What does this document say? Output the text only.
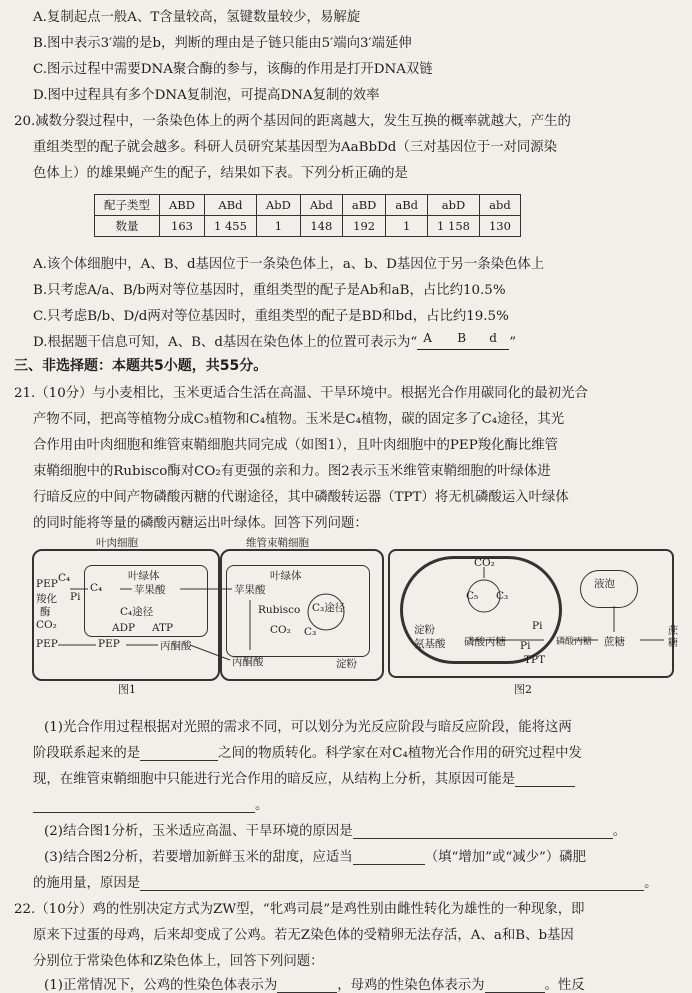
A.复制起点一般A、T含量较高，氢键数量较少，易解旋
B.图中表示3′端的是b，判断的理由是子链只能由5′端向3′端延伸
C.图示过程中需要DNA聚合酶的参与，该酶的作用是打开DNA双链
D.图中过程具有多个DNA复制泡，可提高DNA复制的效率
20.减数分裂过程中，一条染色体上的两个基因间的距离越大，发生互换的概率就越大，产生的
重组类型的配子就会越多。科研人员研究某基因型为AaBbDd（三对基因位于一对同源染
色体上）的雄果蝇产生的配子，结果如下表。下列分析正确的是
配子类型	ABD	ABd	AbD	Abd	aBD	aBd	abD	abd
数量	163	1 455	1	148	192	1	1 158	130
A.该个体细胞中，A、B、d基因位于一条染色体上，a、b、D基因位于另一条染色体上
B.只考虑A/a、B/b两对等位基因时，重组类型的配子是Ab和aB，占比约10.5%
C.只考虑B/b、D/d两对等位基因时，重组类型的配子是BD和bd，占比约19.5%
D.根据题干信息可知，A、B、d基因在染色体上的位置可表示为“ A B d ”
三、非选择题：本题共5小题，共55分。
21.（10分）与小麦相比，玉米更适合生活在高温、干旱环境中。根据光合作用碳同化的最初光合
产物不同，把高等植物分成C₃植物和C₄植物。玉米是C₄植物，碳的固定多了C₄途径，其光
合作用由叶肉细胞和维管束鞘细胞共同完成（如图1），且叶肉细胞中的PEP羧化酶比维管
束鞘细胞中的Rubisco酶对CO₂有更强的亲和力。图2表示玉米维管束鞘细胞的叶绿体进
行暗反应的中间产物磷酸丙糖的代谢途径，其中磷酸转运器（TPT）将无机磷酸运入叶绿体
的同时能将等量的磷酸丙糖运出叶绿体。回答下列问题：
叶肉细胞	维管束鞘细胞
叶绿体	叶绿体
PEP
羧化
酶
CO₂
C₄
Pi
C₄	苹果酸
C₄途径
ADP ATP
PEP	PEP	丙酮酸
苹果酸
Rubisco C₃途径
CO₂ C₃
丙酮酸	淀粉
图1
CO₂
C₅ C₃
淀粉
氨基酸 磷酸丙糖
Pi
磷酸丙糖 蔗糖
液泡
蔗糖
TPT
Pi
图2
(1)光合作用过程根据对光照的需求不同，可以划分为光反应阶段与暗反应阶段，能将这两
阶段联系起来的是	之间的物质转化。科学家在对C₄植物光合作用的研究过程中发
现，在维管束鞘细胞中只能进行光合作用的暗反应，从结构上分析，其原因可能是
。
(2)结合图1分析，玉米适应高温、干旱环境的原因是	。
(3)结合图2分析，若要增加新鲜玉米的甜度，应适当	（填“增加”或“减少”）磷肥
的施用量，原因是	。
22.（10分）鸡的性别决定方式为ZW型，“牝鸡司晨”是鸡性别由雌性转化为雄性的一种现象，即
原来下过蛋的母鸡，后来却变成了公鸡。若无Z染色体的受精卵无法存活，A、a和B、b基因
分别位于常染色体和Z染色体上，回答下列问题：
(1)正常情况下，公鸡的性染色体表示为	，母鸡的性染色体表示为	。性反
